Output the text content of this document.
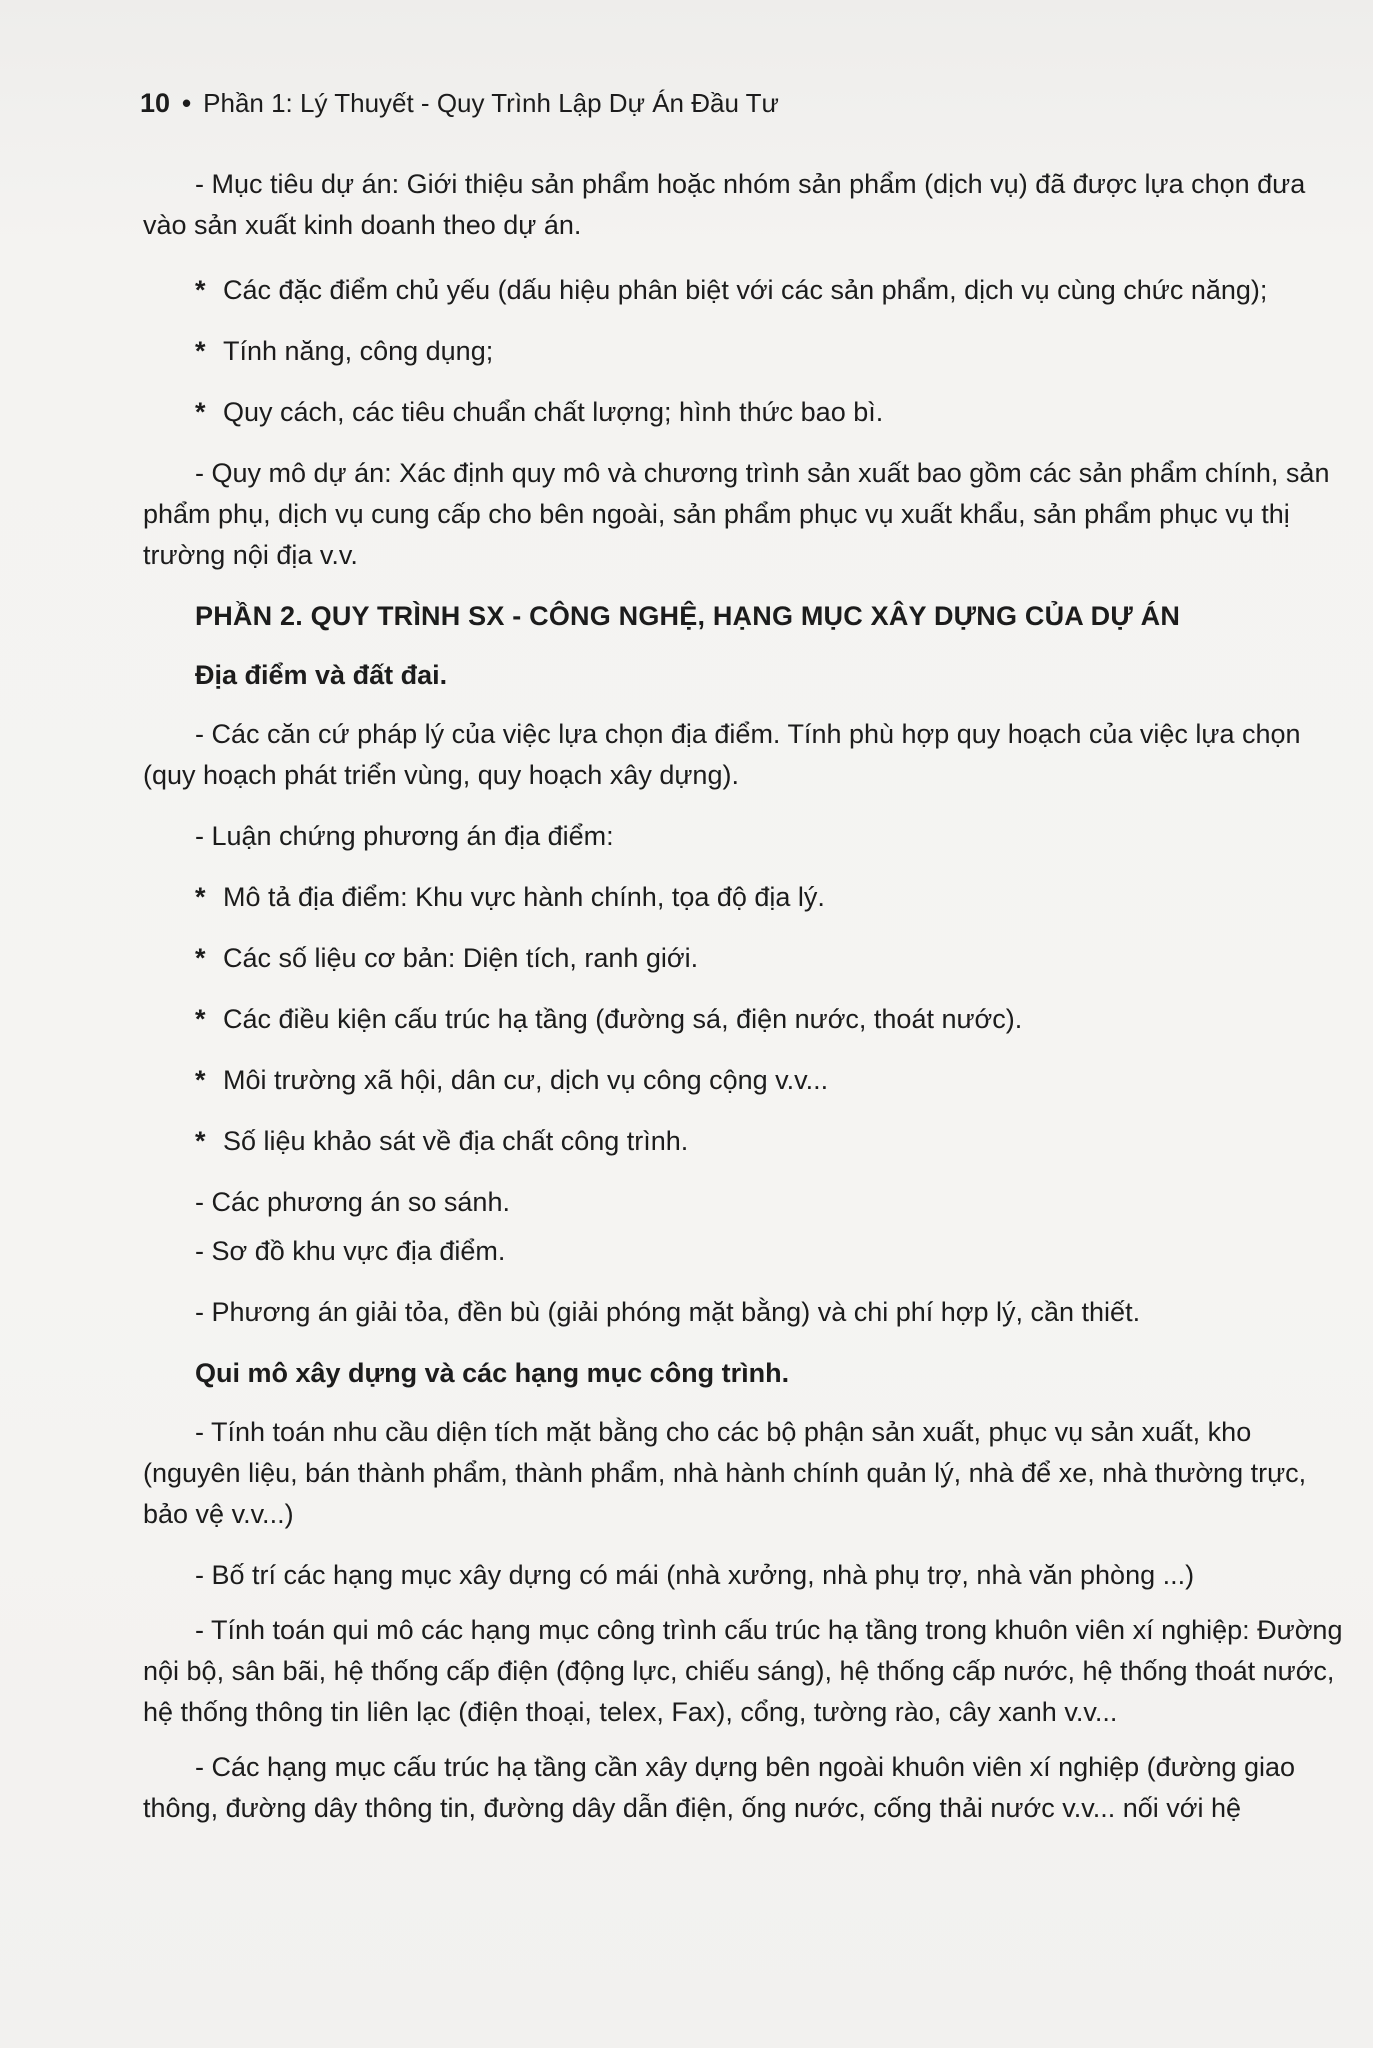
10 • Phần 1: Lý Thuyết - Quy Trình Lập Dự Án Đầu Tư

- Mục tiêu dự án: Giới thiệu sản phẩm hoặc nhóm sản phẩm (dịch vụ) đã được lựa chọn đưa vào sản xuất kinh doanh theo dự án.

* Các đặc điểm chủ yếu (dấu hiệu phân biệt với các sản phẩm, dịch vụ cùng chức năng);

* Tính năng, công dụng;

* Quy cách, các tiêu chuẩn chất lượng; hình thức bao bì.

- Quy mô dự án: Xác định quy mô và chương trình sản xuất bao gồm các sản phẩm chính, sản phẩm phụ, dịch vụ cung cấp cho bên ngoài, sản phẩm phục vụ xuất khẩu, sản phẩm phục vụ thị trường nội địa v.v.

PHẦN 2. QUY TRÌNH SX - CÔNG NGHỆ, HẠNG MỤC XÂY DỰNG CỦA DỰ ÁN

Địa điểm và đất đai.

- Các căn cứ pháp lý của việc lựa chọn địa điểm. Tính phù hợp quy hoạch của việc lựa chọn (quy hoạch phát triển vùng, quy hoạch xây dựng).

- Luận chứng phương án địa điểm:

* Mô tả địa điểm: Khu vực hành chính, tọa độ địa lý.

* Các số liệu cơ bản: Diện tích, ranh giới.

* Các điều kiện cấu trúc hạ tầng (đường sá, điện nước, thoát nước).

* Môi trường xã hội, dân cư, dịch vụ công cộng v.v...

* Số liệu khảo sát về địa chất công trình.

- Các phương án so sánh.

- Sơ đồ khu vực địa điểm.

- Phương án giải tỏa, đền bù (giải phóng mặt bằng) và chi phí hợp lý, cần thiết.

Qui mô xây dựng và các hạng mục công trình.

- Tính toán nhu cầu diện tích mặt bằng cho các bộ phận sản xuất, phục vụ sản xuất, kho (nguyên liệu, bán thành phẩm, thành phẩm, nhà hành chính quản lý, nhà để xe, nhà thường trực, bảo vệ v.v...)

- Bố trí các hạng mục xây dựng có mái (nhà xưởng, nhà phụ trợ, nhà văn phòng ...)

- Tính toán qui mô các hạng mục công trình cấu trúc hạ tầng trong khuôn viên xí nghiệp: Đường nội bộ, sân bãi, hệ thống cấp điện (động lực, chiếu sáng), hệ thống cấp nước, hệ thống thoát nước, hệ thống thông tin liên lạc (điện thoại, telex, Fax), cổng, tường rào, cây xanh v.v...

- Các hạng mục cấu trúc hạ tầng cần xây dựng bên ngoài khuôn viên xí nghiệp (đường giao thông, đường dây thông tin, đường dây dẫn điện, ống nước, cống thải nước v.v... nối với hệ
